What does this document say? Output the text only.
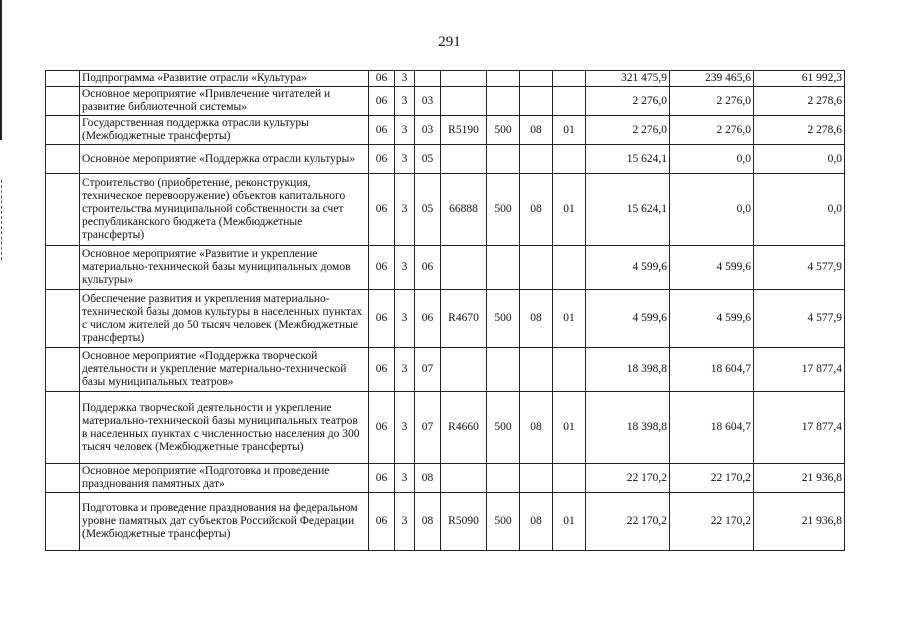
291
	Подпрограмма «Развитие отрасли «Культура»	06	3						321 475,9	239 465,6	61 992,3
	Основное мероприятие «Привлечение читателей и развитие библиотечной системы»	06	3	03					2 276,0	2 276,0	2 278,6
	Государственная поддержка отрасли культуры (Межбюджетные трансферты)	06	3	03	R5190	500	08	01	2 276,0	2 276,0	2 278,6
	Основное мероприятие «Поддержка отрасли культуры»	06	3	05					15 624,1	0,0	0,0
	Строительство (приобретение, реконструкция, техническое перевооружение) объектов капитального строительства муниципальной собственности за счет республиканского бюджета (Межбюджетные трансферты)	06	3	05	66888	500	08	01	15 624,1	0,0	0,0
	Основное мероприятие «Развитие и укрепление материально-технической базы муниципальных домов культуры»	06	3	06					4 599,6	4 599,6	4 577,9
	Обеспечение развития и укрепления материально-технической базы домов культуры в населенных пунктах с числом жителей до 50 тысяч человек (Межбюджетные трансферты)	06	3	06	R4670	500	08	01	4 599,6	4 599,6	4 577,9
	Основное мероприятие «Поддержка творческой деятельности и укрепление материально-технической базы муниципальных театров»	06	3	07					18 398,8	18 604,7	17 877,4
	Поддержка творческой деятельности и укрепление материально-технической базы муниципальных театров в населенных пунктах с численностью населения до 300 тысяч человек (Межбюджетные трансферты)	06	3	07	R4660	500	08	01	18 398,8	18 604,7	17 877,4
	Основное мероприятие «Подготовка и проведение празднования памятных дат»	06	3	08					22 170,2	22 170,2	21 936,8
	Подготовка и проведение празднования на федеральном уровне памятных дат субъектов Российской Федерации (Межбюджетные трансферты)	06	3	08	R5090	500	08	01	22 170,2	22 170,2	21 936,8
